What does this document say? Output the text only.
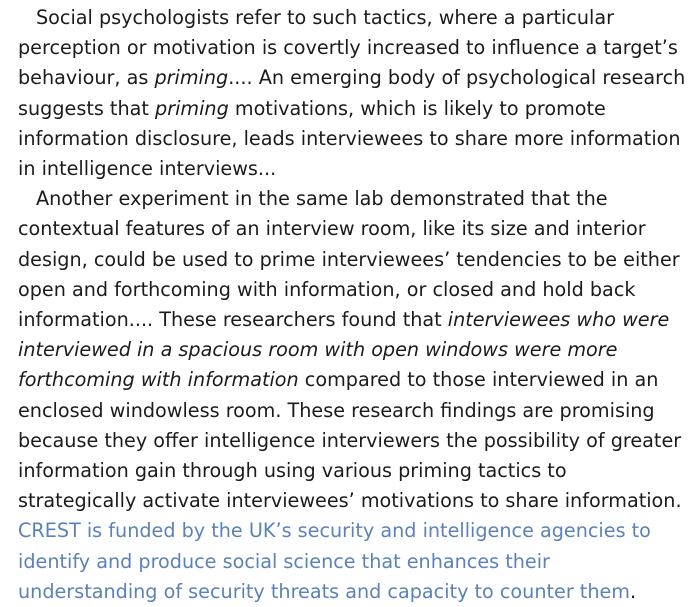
Social psychologists refer to such tactics, where a particular perception or motivation is covertly increased to influence a target’s behaviour, as priming.... An emerging body of psychological research suggests that priming motivations, which is likely to promote information disclosure, leads interviewees to share more information in intelligence interviews...

Another experiment in the same lab demonstrated that the contextual features of an interview room, like its size and interior design, could be used to prime interviewees’ tendencies to be either open and forthcoming with information, or closed and hold back information.... These researchers found that interviewees who were interviewed in a spacious room with open windows were more forthcoming with information compared to those interviewed in an enclosed windowless room. These research findings are promising because they offer intelligence interviewers the possibility of greater information gain through using various priming tactics to strategically activate interviewees’ motivations to share information.

CREST is funded by the UK’s security and intelligence agencies to identify and produce social science that enhances their understanding of security threats and capacity to counter them.
